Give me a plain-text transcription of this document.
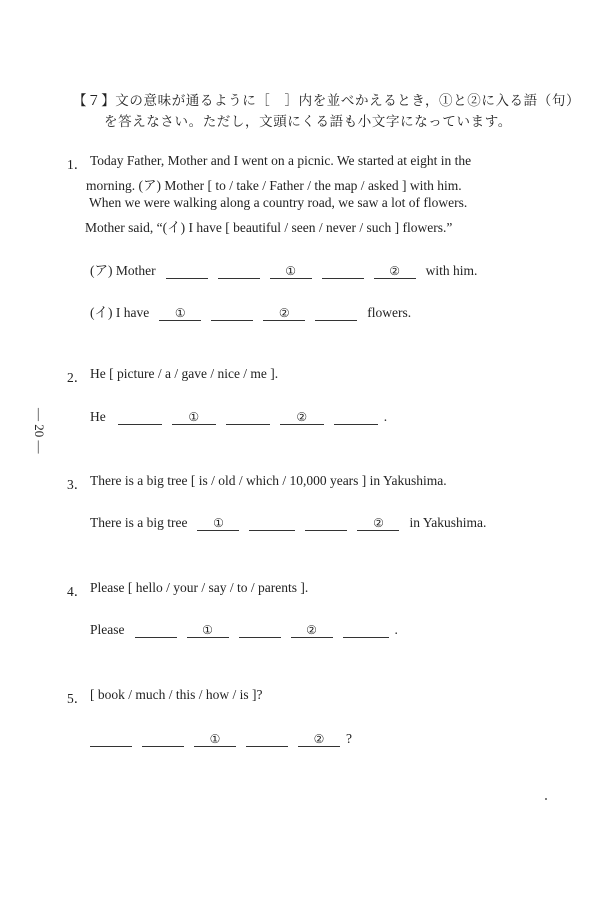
【７】文の意味が通るように［　］内を並べかえるとき，①と②に入る語（句）
を答えなさい。ただし，文頭にくる語も小文字になっています。
― 20 ―
1． Today Father, Mother and I went on a picnic. We started at eight in the
morning. (ア) Mother [ to / take / Father / the map / asked ] with him.
When we were walking along a country road, we saw a lot of flowers.
Mother said, “(イ) I have [ beautiful / seen / never / such ] flowers.”
(ア) Mother	①	②	with him.
(イ) I have	①	②	flowers.
2． He [ picture / a / gave / nice / me ].
He	①	②	.
3． There is a big tree [ is / old / which / 10,000 years ] in Yakushima.
There is a big tree	①	②	in Yakushima.
4． Please [ hello / your / say / to / parents ].
Please	①	②	.
5． [ book / much / this / how / is ]?
①	②	?
